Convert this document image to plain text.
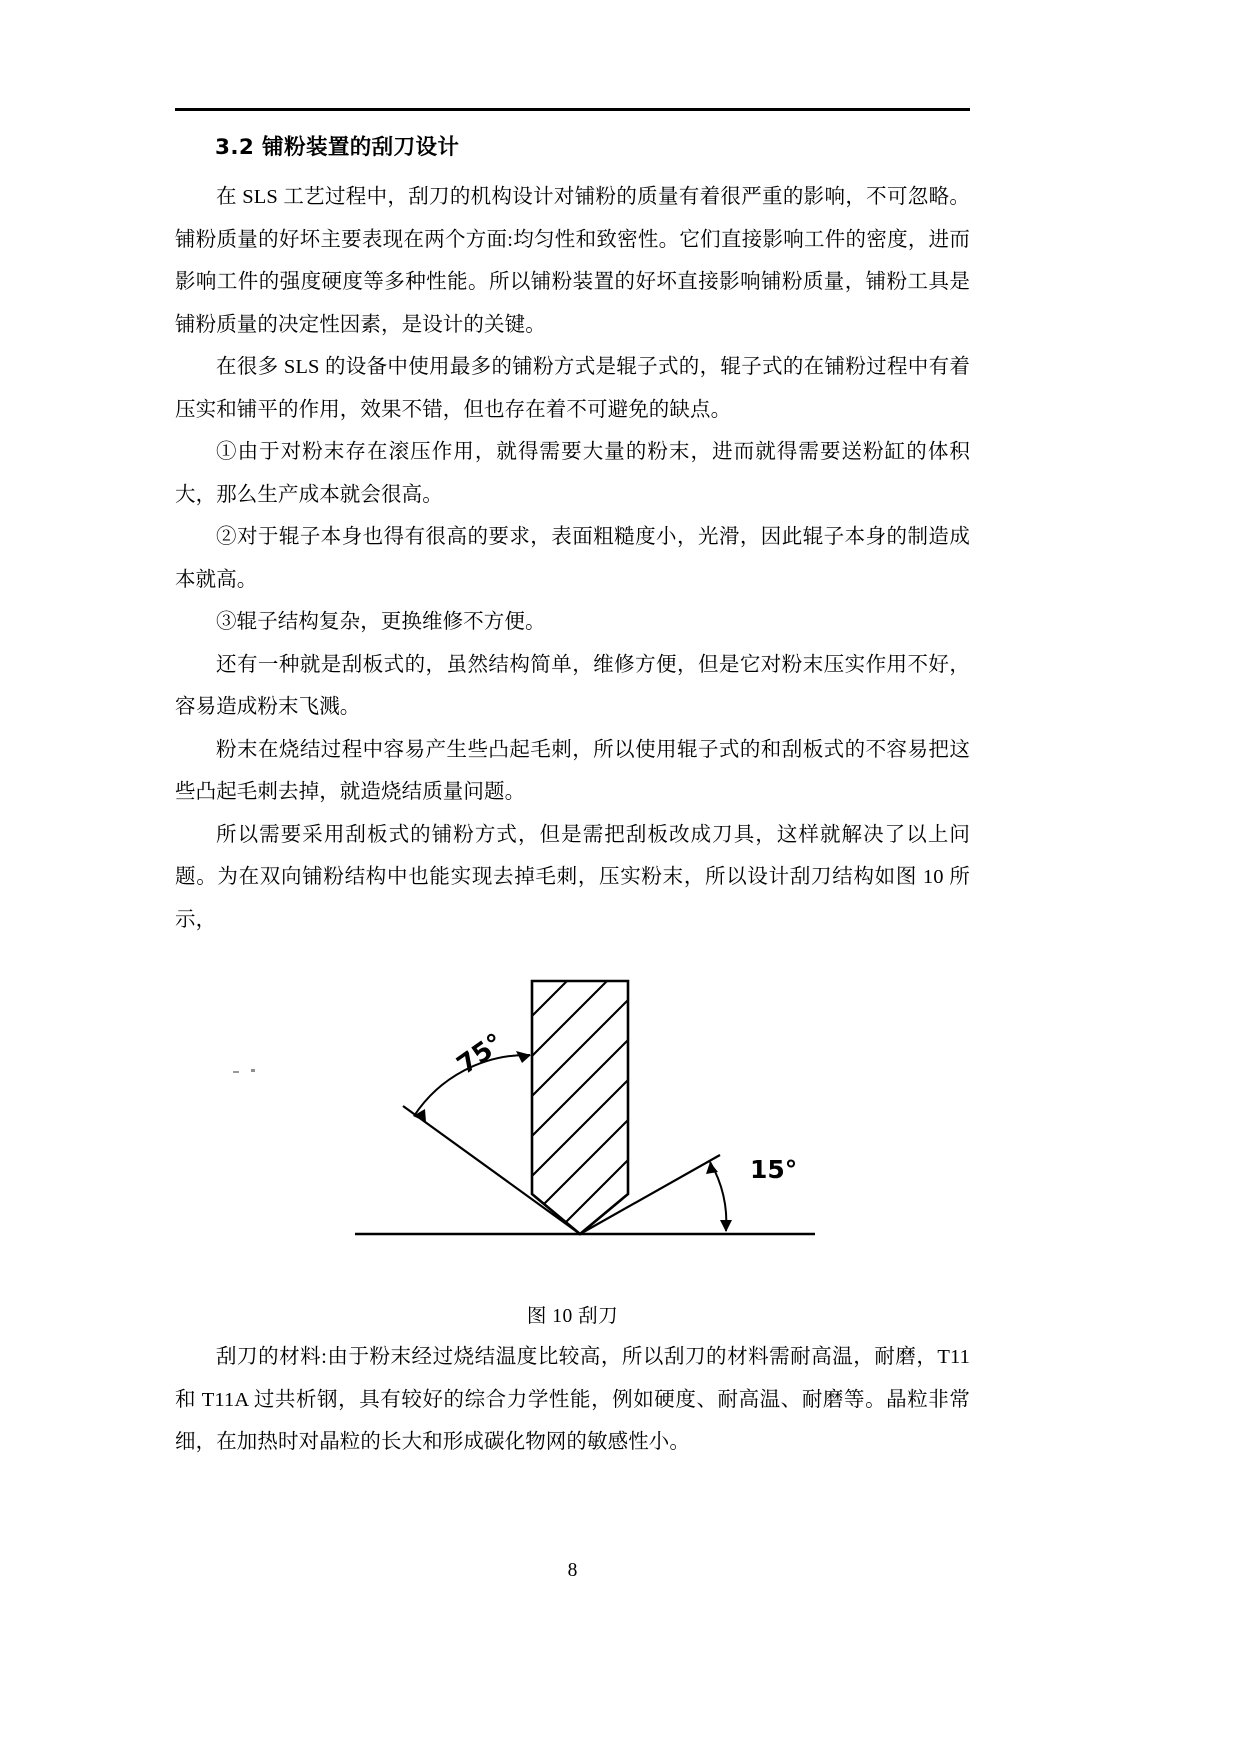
3.2 铺粉装置的刮刀设计

在 SLS 工艺过程中，刮刀的机构设计对铺粉的质量有着很严重的影响，不可忽略。铺粉质量的好坏主要表现在两个方面:均匀性和致密性。它们直接影响工件的密度，进而影响工件的强度硬度等多种性能。所以铺粉装置的好坏直接影响铺粉质量，铺粉工具是铺粉质量的决定性因素，是设计的关键。

在很多 SLS 的设备中使用最多的铺粉方式是辊子式的，辊子式的在铺粉过程中有着压实和铺平的作用，效果不错，但也存在着不可避免的缺点。

①由于对粉末存在滚压作用，就得需要大量的粉末，进而就得需要送粉缸的体积大，那么生产成本就会很高。

②对于辊子本身也得有很高的要求，表面粗糙度小，光滑，因此辊子本身的制造成本就高。

③辊子结构复杂，更换维修不方便。

还有一种就是刮板式的，虽然结构简单，维修方便，但是它对粉末压实作用不好，容易造成粉末飞溅。

粉末在烧结过程中容易产生些凸起毛刺，所以使用辊子式的和刮板式的不容易把这些凸起毛刺去掉，就造烧结质量问题。

所以需要采用刮板式的铺粉方式，但是需把刮板改成刀具，这样就解决了以上问题。为在双向铺粉结构中也能实现去掉毛刺，压实粉末，所以设计刮刀结构如图 10 所示，

75°
15°
图 10 刮刀

刮刀的材料:由于粉末经过烧结温度比较高，所以刮刀的材料需耐高温，耐磨，T11 和 T11A 过共析钢，具有较好的综合力学性能，例如硬度、耐高温、耐磨等。晶粒非常细，在加热时对晶粒的长大和形成碳化物网的敏感性小。

8
